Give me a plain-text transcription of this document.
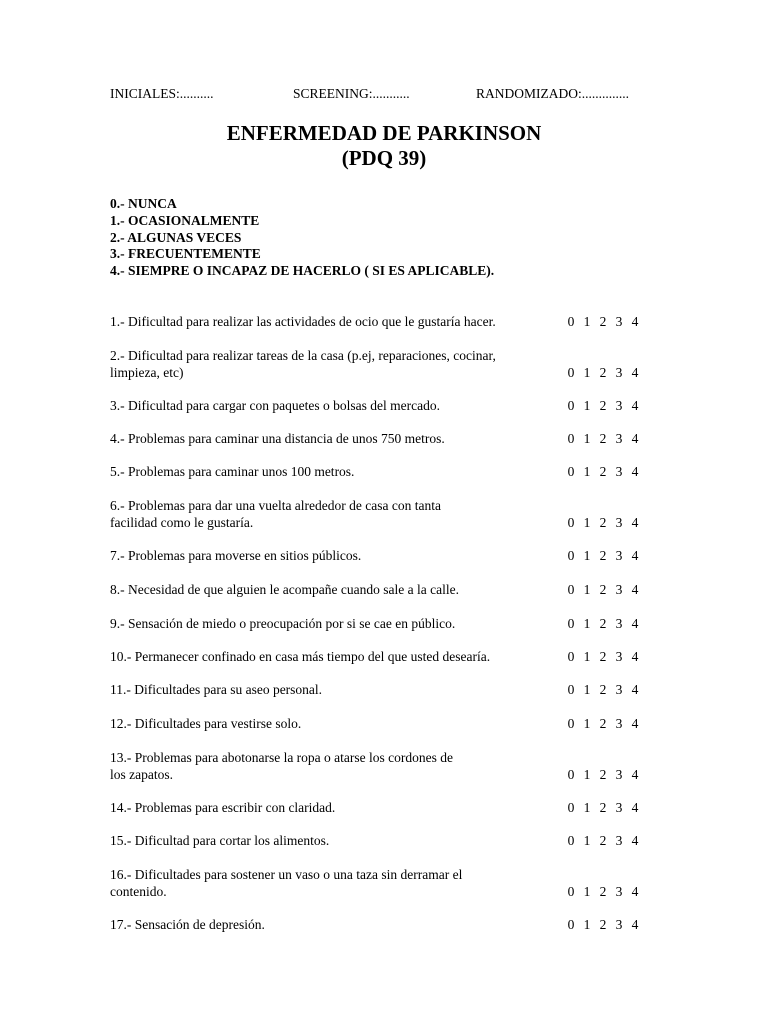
INICIALES:..........	SCREENING:...........	RANDOMIZADO:..............
ENFERMEDAD DE PARKINSON
(PDQ 39)
0.- NUNCA
1.- OCASIONALMENTE
2.- ALGUNAS VECES
3.- FRECUENTEMENTE
4.- SIEMPRE O INCAPAZ DE HACERLO ( SI ES APLICABLE).
1.- Dificultad para realizar las actividades de ocio que le gustaría hacer.	0 1 2 3 4
2.- Dificultad para realizar tareas de la casa (p.ej, reparaciones, cocinar,
limpieza, etc)	0 1 2 3 4
3.- Dificultad para cargar con paquetes o bolsas del mercado.	0 1 2 3 4
4.- Problemas para caminar una distancia de unos 750 metros.	0 1 2 3 4
5.- Problemas para caminar unos 100 metros.	0 1 2 3 4
6.- Problemas para dar una vuelta alrededor de casa con tanta
facilidad como le gustaría.	0 1 2 3 4
7.- Problemas para moverse en sitios públicos.	0 1 2 3 4
8.- Necesidad de que alguien le acompañe cuando sale a la calle.	0 1 2 3 4
9.- Sensación de miedo o preocupación por si se cae en público.	0 1 2 3 4
10.- Permanecer confinado en casa más tiempo del que usted desearía.	0 1 2 3 4
11.- Dificultades para su aseo personal.	0 1 2 3 4
12.- Dificultades para vestirse solo.	0 1 2 3 4
13.- Problemas para abotonarse la ropa o atarse los cordones de
los zapatos.	0 1 2 3 4
14.- Problemas para escribir con claridad.	0 1 2 3 4
15.- Dificultad para cortar los alimentos.	0 1 2 3 4
16.- Dificultades para sostener un vaso o una taza sin derramar el
contenido.	0 1 2 3 4
17.- Sensación de depresión.	0 1 2 3 4
